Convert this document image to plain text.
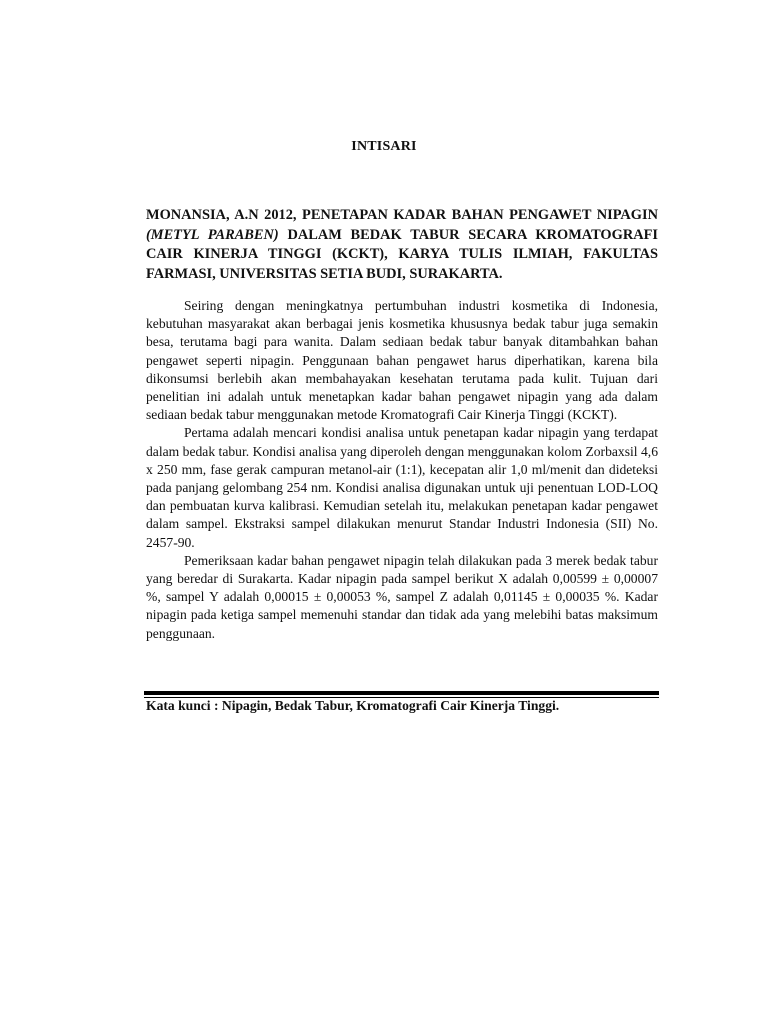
INTISARI
MONANSIA, A.N 2012, PENETAPAN KADAR BAHAN PENGAWET NIPAGIN (METYL PARABEN) DALAM BEDAK TABUR SECARA KROMATOGRAFI CAIR KINERJA TINGGI (KCKT), KARYA TULIS ILMIAH, FAKULTAS FARMASI, UNIVERSITAS SETIA BUDI, SURAKARTA.

Seiring dengan meningkatnya pertumbuhan industri kosmetika di Indonesia, kebutuhan masyarakat akan berbagai jenis kosmetika khususnya bedak tabur juga semakin besa, terutama bagi para wanita. Dalam sediaan bedak tabur banyak ditambahkan bahan pengawet seperti nipagin. Penggunaan bahan pengawet harus diperhatikan, karena bila dikonsumsi berlebih akan membahayakan kesehatan terutama pada kulit. Tujuan dari penelitian ini adalah untuk menetapkan kadar bahan pengawet nipagin yang ada dalam sediaan bedak tabur menggunakan metode Kromatografi Cair Kinerja Tinggi (KCKT).

Pertama adalah mencari kondisi analisa untuk penetapan kadar nipagin yang terdapat dalam bedak tabur. Kondisi analisa yang diperoleh dengan menggunakan kolom Zorbaxsil 4,6 x 250 mm, fase gerak campuran metanol-air (1:1), kecepatan alir 1,0 ml/menit dan dideteksi pada panjang gelombang 254 nm. Kondisi analisa digunakan untuk uji penentuan LOD-LOQ dan pembuatan kurva kalibrasi. Kemudian setelah itu, melakukan penetapan kadar pengawet dalam sampel. Ekstraksi sampel dilakukan menurut Standar Industri Indonesia (SII) No. 2457-90.

Pemeriksaan kadar bahan pengawet nipagin telah dilakukan pada 3 merek bedak tabur yang beredar di Surakarta. Kadar nipagin pada sampel berikut X adalah 0,00599 ± 0,00007 %, sampel Y adalah 0,00015 ± 0,00053 %, sampel Z adalah 0,01145 ± 0,00035 %. Kadar nipagin pada ketiga sampel memenuhi standar dan tidak ada yang melebihi batas maksimum penggunaan.

Kata kunci : Nipagin, Bedak Tabur, Kromatografi Cair Kinerja Tinggi.
